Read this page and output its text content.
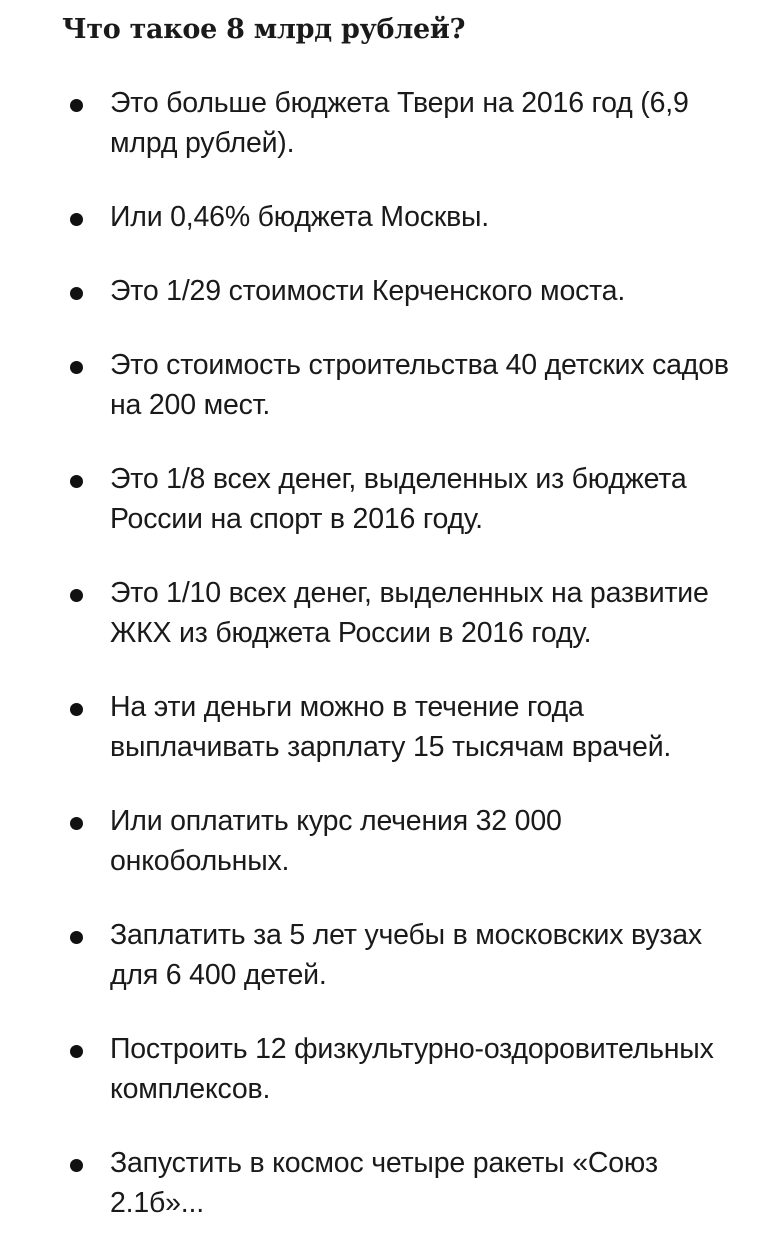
Что такое 8 млрд рублей?
Это больше бюджета Твери на 2016 год (6,9 млрд рублей).
Или 0,46% бюджета Москвы.
Это 1/29 стоимости Керченского моста.
Это стоимость строительства 40 детских садов на 200 мест.
Это 1/8 всех денег, выделенных из бюджета России на спорт в 2016 году.
Это 1/10 всех денег, выделенных на развитие ЖКХ из бюджета России в 2016 году.
На эти деньги можно в течение года выплачивать зарплату 15 тысячам врачей.
Или оплатить курс лечения 32 000 онкобольных.
Заплатить за 5 лет учебы в московских вузах для 6 400 детей.
Построить 12 физкультурно-оздоровительных комплексов.
Запустить в космос четыре ракеты «Союз 2.1б»...
